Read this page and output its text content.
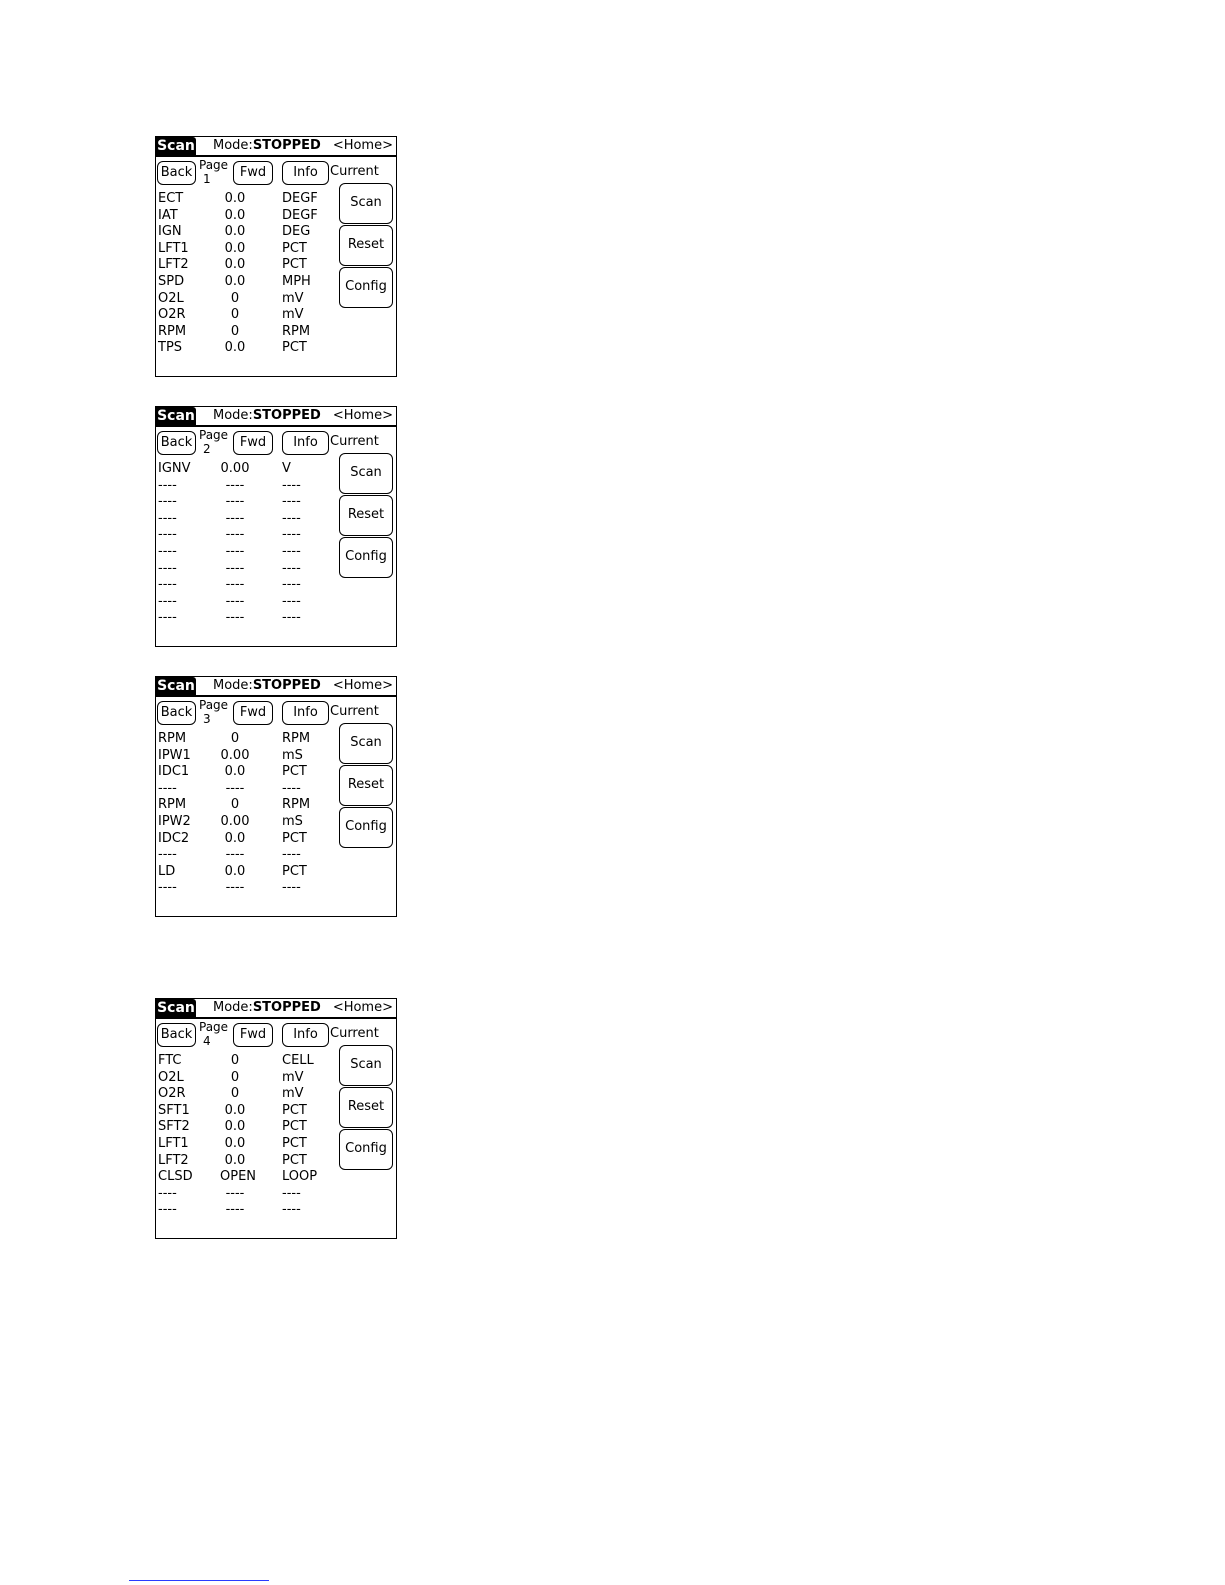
Scan Mode:STOPPED <Home>
Back Page
1	Fwd	Info Current
Scan
Reset
Config
ECT	0.0	DEGF
IAT	0.0	DEGF
IGN	0.0	DEG
LFT1	0.0	PCT
LFT2	0.0	PCT
SPD	0.0	MPH
O2L	0	mV
O2R	0	mV
RPM	0	RPM
TPS	0.0	PCT
Scan Mode:STOPPED <Home>
Back Page
2	Fwd	Info Current
Scan
Reset
Config
IGNV 0.00	V
----	----	----
----	----	----
----	----	----
----	----	----
----	----	----
----	----	----
----	----	----
----	----	----
----	----	----
Scan Mode:STOPPED <Home>
Back Page
3	Fwd	Info Current
Scan
Reset
Config
RPM	0	RPM
IPW1 0.00	mS
IDC1	0.0	PCT
----	----	----
RPM	0	RPM
IPW2 0.00	mS
IDC2	0.0	PCT
----	----	----
LD	0.0	PCT
----	----	----
Scan Mode:STOPPED <Home>
Back Page
4	Fwd	Info Current
Scan
Reset
Config
FTC	0	CELL
O2L	0	mV
O2R	0	mV
SFT1	0.0	PCT
SFT2	0.0	PCT
LFT1	0.0	PCT
LFT2	0.0	PCT
CLSD OPEN LOOP
----	----	----
----	----	----
